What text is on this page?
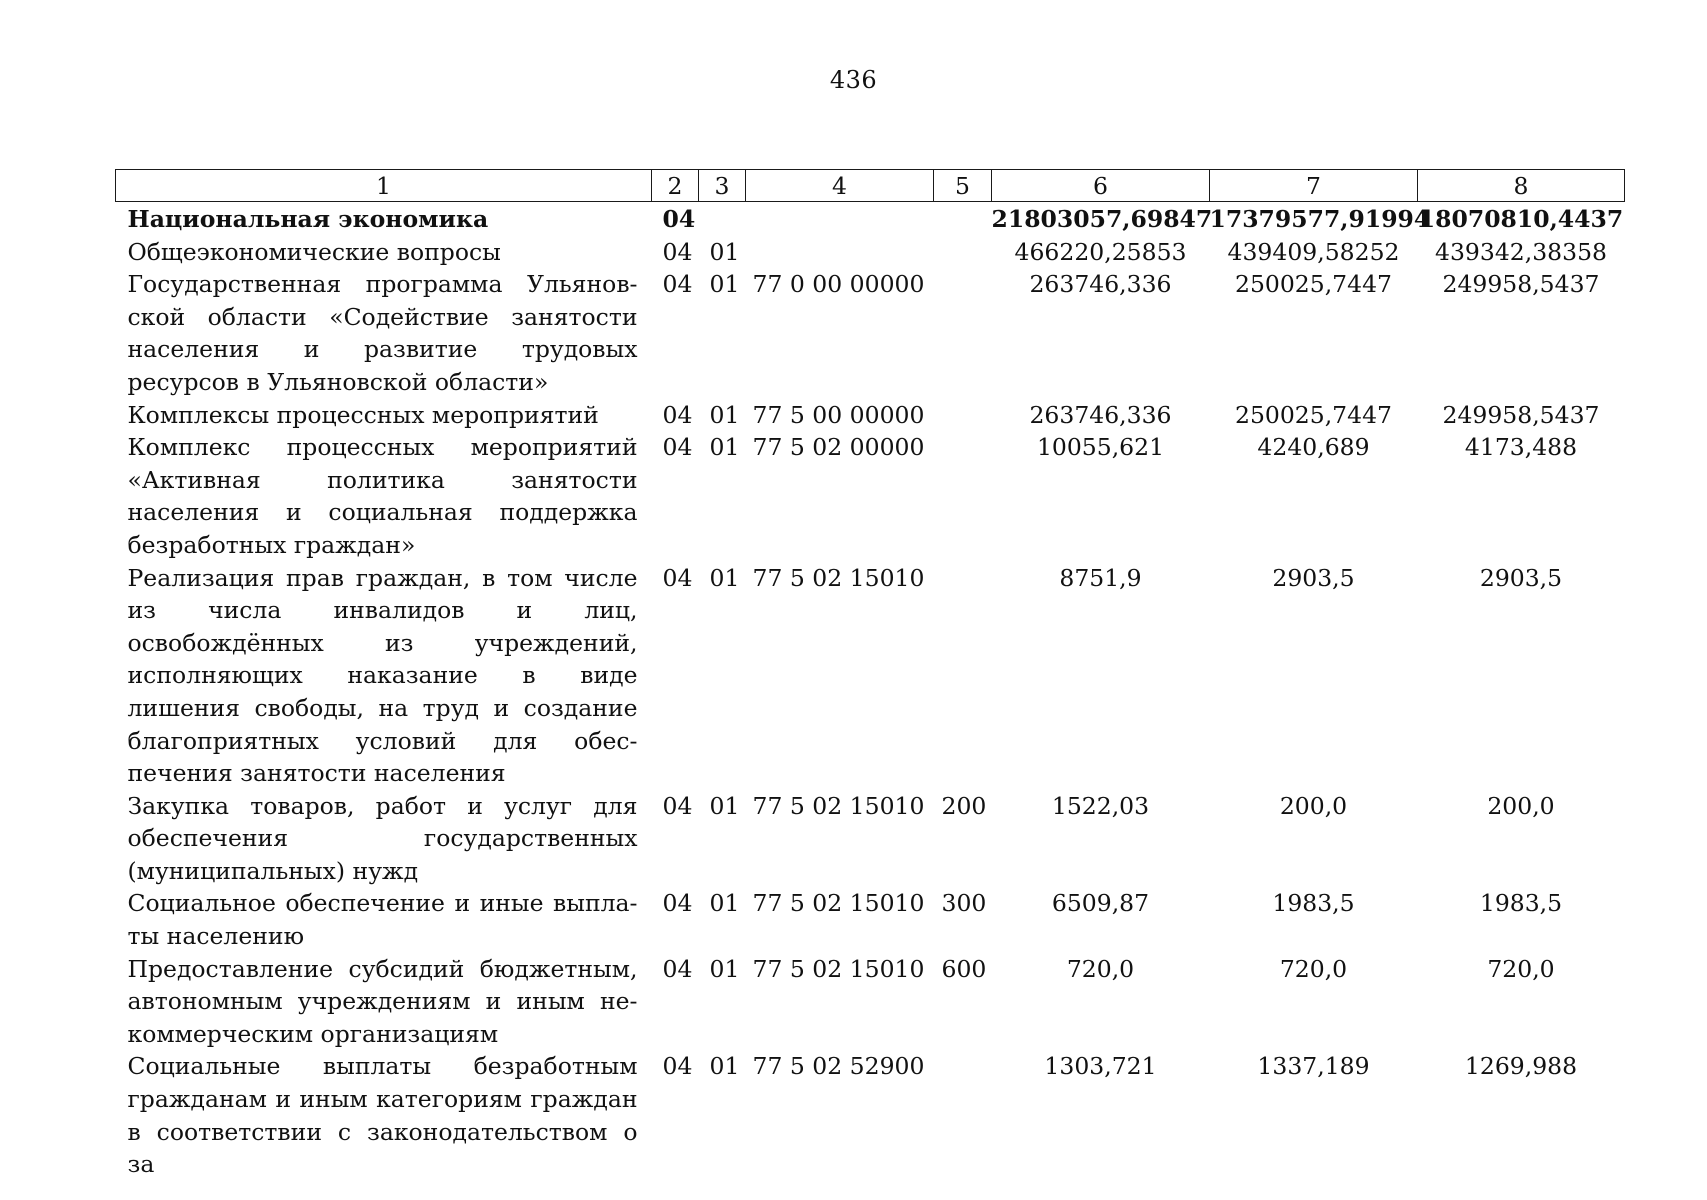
436
1	2	3	4	5	6	7	8
Национальная экономика	04				21803057,69847	17379577,91994	18070810,4437
Общеэкономические вопросы	04	01			466220,25853	439409,58252	439342,38358
Государственная программа Ульяновской области «Содействие занятости населения и развитие трудовых ресурсов в Ульяновской области»	04	01	77 0 00 00000		263746,336	250025,7447	249958,5437
Комплексы процессных мероприятий	04	01	77 5 00 00000		263746,336	250025,7447	249958,5437
Комплекс процессных мероприятий «Активная политика занятости населения и социальная поддержка безработных граждан»	04	01	77 5 02 00000		10055,621	4240,689	4173,488
Реализация прав граждан, в том числе из числа инвалидов и лиц, освобождённых из учреждений, исполняющих наказание в виде лишения свободы, на труд и создание благоприятных условий для обеспечения занятости населения	04	01	77 5 02 15010		8751,9	2903,5	2903,5
Закупка товаров, работ и услуг для обеспечения государственных (муниципальных) нужд	04	01	77 5 02 15010	200	1522,03	200,0	200,0
Социальное обеспечение и иные выплаты населению	04	01	77 5 02 15010	300	6509,87	1983,5	1983,5
Предоставление субсидий бюджетным, автономным учреждениям и иным некоммерческим организациям	04	01	77 5 02 15010	600	720,0	720,0	720,0
Социальные выплаты безработным гражданам и иным категориям граждан в соответствии с законодательством о за	04	01	77 5 02 52900		1303,721	1337,189	1269,988
